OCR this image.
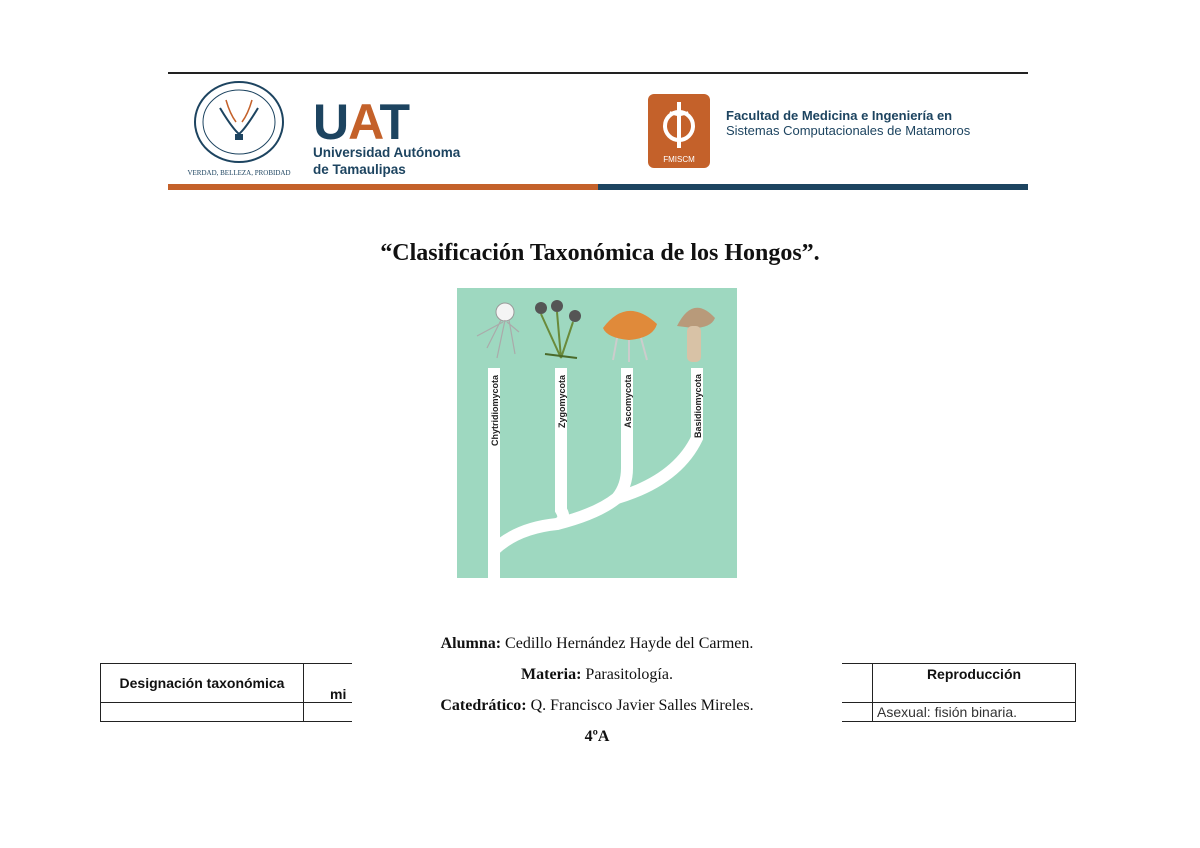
VERDAD, BELLEZA, PROBIDAD
UAT
Universidad Autónoma
de Tamaulipas
FMISCM
Facultad de Medicina e Ingeniería en
Sistemas Computacionales de Matamoros
“Clasificación Taxonómica de los Hongos”.
Chytridiomycota	Zygomycota	Ascomycota	Basidiomycota
Designación taxonómica	mi	Reproducción
		Asexual: fisión binaria.
Alumna: Cedillo Hernández Hayde del Carmen.
Materia: Parasitología.
Catedrático: Q. Francisco Javier Salles Mireles.
4ºA
